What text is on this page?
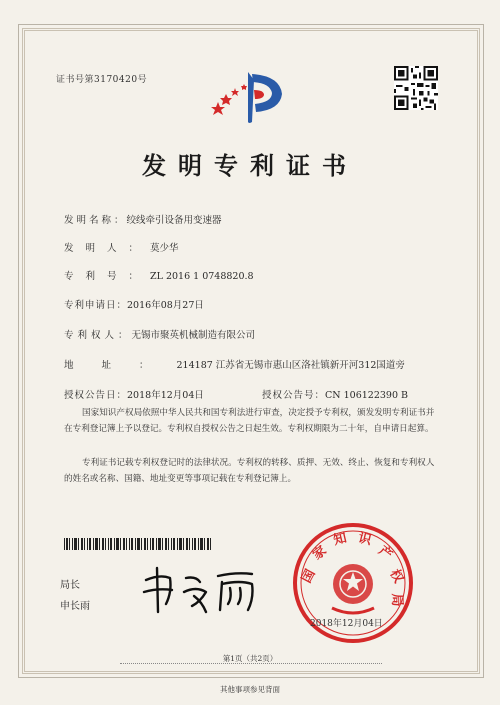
证书号第3170420号
发明专利证书
发明名称：绞线牵引设备用变速器
发明人：莫少华
专利号：ZL 2016 1 0748820.8
专利申请日：2016年08月27日
专利权人：无锡市聚英机械制造有限公司
地址：214187 江苏省无锡市惠山区洛社镇新开河312国道旁
授权公告日：2018年12月04日	授权公告号：CN 106122390 B
国家知识产权局依照中华人民共和国专利法进行审查，决定授予专利权，颁发发明专利证书并在专利登记簿上予以登记。专利权自授权公告之日起生效。专利权期限为二十年，自申请日起算。
专利证书记载专利权登记时的法律状况。专利权的转移、质押、无效、终止、恢复和专利权人的姓名或名称、国籍、地址变更等事项记载在专利登记簿上。
局长
申长雨
国
家
知 识
产
权
局
2018年12月04日
第1页（共2页）
其他事项参见背面
